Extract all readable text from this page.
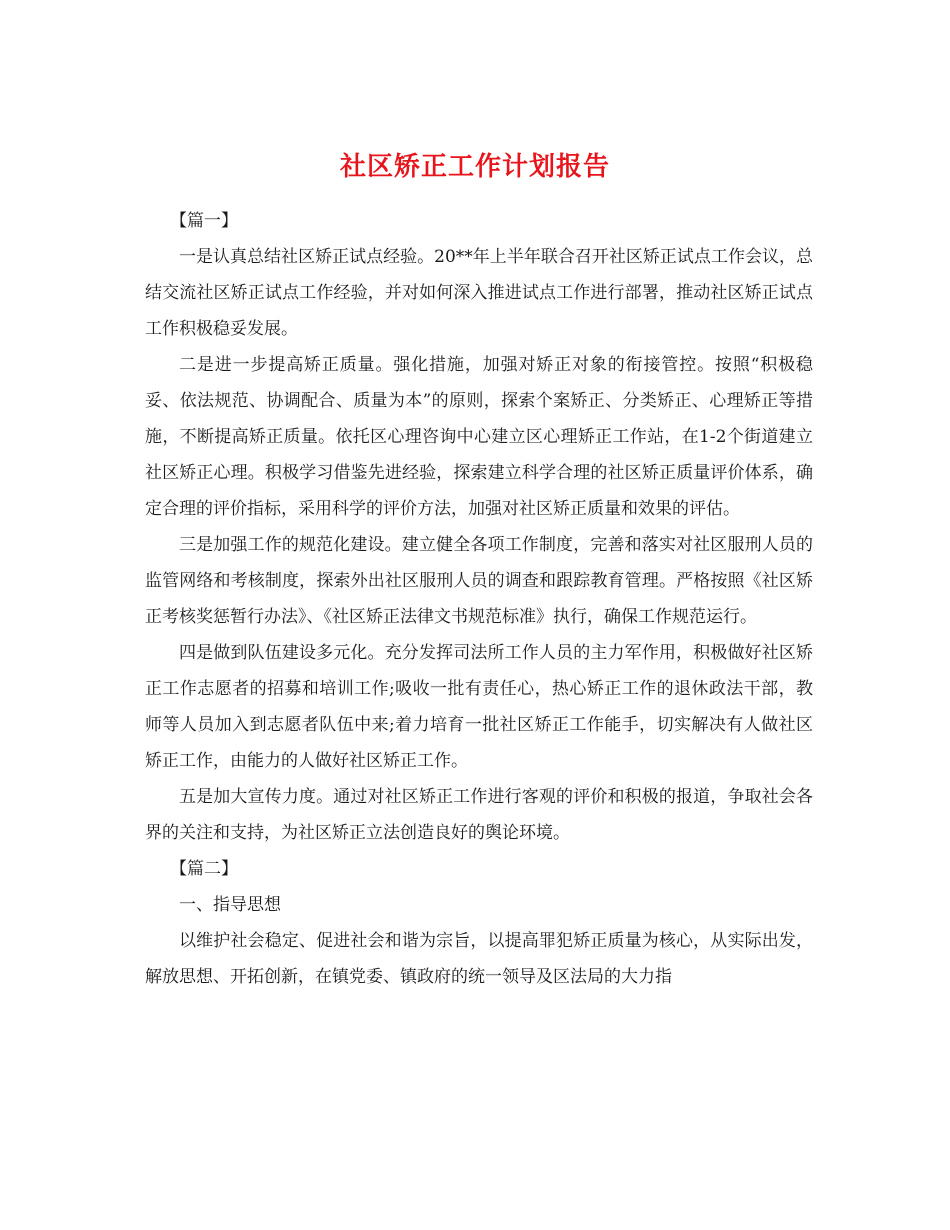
社区矫正工作计划报告

【篇一】

一是认真总结社区矫正试点经验。20**年上半年联合召开社区矫正试点工作会议，总结交流社区矫正试点工作经验，并对如何深入推进试点工作进行部署，推动社区矫正试点工作积极稳妥发展。

二是进一步提高矫正质量。强化措施，加强对矫正对象的衔接管控。按照“积极稳妥、依法规范、协调配合、质量为本”的原则，探索个案矫正、分类矫正、心理矫正等措施，不断提高矫正质量。依托区心理咨询中心建立区心理矫正工作站，在1-2个街道建立社区矫正心理。积极学习借鉴先进经验，探索建立科学合理的社区矫正质量评价体系，确定合理的评价指标，采用科学的评价方法，加强对社区矫正质量和效果的评估。

三是加强工作的规范化建设。建立健全各项工作制度，完善和落实对社区服刑人员的监管网络和考核制度，探索外出社区服刑人员的调查和跟踪教育管理。严格按照《社区矫正考核奖惩暂行办法》、《社区矫正法律文书规范标准》执行，确保工作规范运行。

四是做到队伍建设多元化。充分发挥司法所工作人员的主力军作用，积极做好社区矫正工作志愿者的招募和培训工作;吸收一批有责任心，热心矫正工作的退休政法干部，教师等人员加入到志愿者队伍中来;着力培育一批社区矫正工作能手，切实解决有人做社区矫正工作，由能力的人做好社区矫正工作。

五是加大宣传力度。通过对社区矫正工作进行客观的评价和积极的报道，争取社会各界的关注和支持，为社区矫正立法创造良好的舆论环境。

【篇二】

一、指导思想

以维护社会稳定、促进社会和谐为宗旨，以提高罪犯矫正质量为核心，从实际出发，解放思想、开拓创新，在镇党委、镇政府的统一领导及区法局的大力指
